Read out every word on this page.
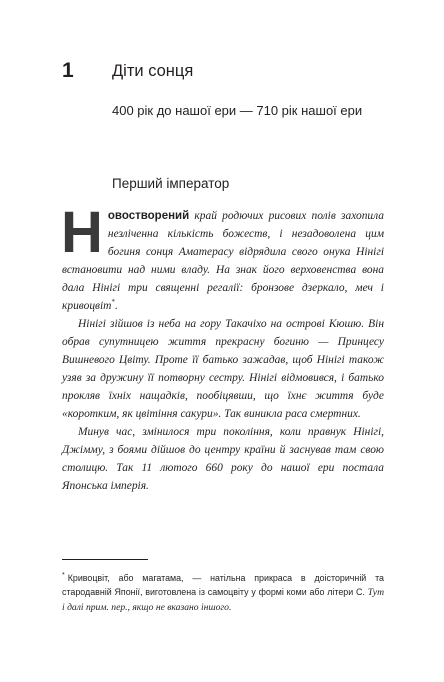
1 Діти сонця
400 рік до нашої ери — 710 рік нашої ери
Перший імператор

Новостворений край родючих рисових полів захопила незліченна кількість божеств, і незадоволена цим богиня сонця Аматерасу відрядила свого онука Нінігі встановити над ними владу. На знак його верховенства вона дала Нінігі три священні регалії: бронзове дзеркало, меч і кривоцвіт*.

Нінігі зійшов із неба на гору Такачіхо на острові Кюшю. Він обрав супутницею життя прекрасну богиню — Принцесу Вишневого Цвіту. Проте її батько зажадав, щоб Нінігі також узяв за дружину її потворну сестру. Нінігі відмовився, і батько прокляв їхніх нащадків, пообіцявши, що їхнє життя буде «коротким, як цвітіння сакури». Так виникла раса смертних.

Минув час, змінилося три покоління, коли правнук Нінігі, Джімму, з боями дійшов до центру країни й заснував там свою столицю. Так 11 лютого 660 року до нашої ери постала Японська імперія.

* Кривоцвіт, або магатама, — натільна прикраса в доісторичній та стародавній Японії, виготовлена із самоцвіту у формі коми або літери С. Тут і далі прим. пер., якщо не вказано іншого.
